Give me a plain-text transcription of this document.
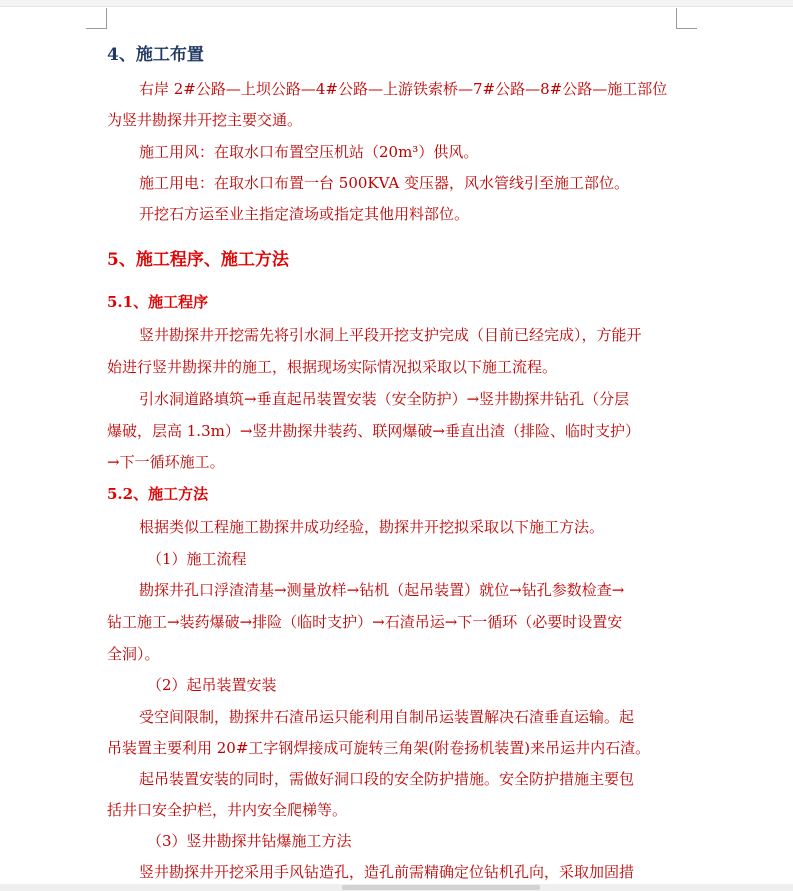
4、施工布置
右岸 2#公路—上坝公路—4#公路—上游铁索桥—7#公路—8#公路—施工部位
为竖井勘探井开挖主要交通。
施工用风：在取水口布置空压机站（20m³）供风。
施工用电：在取水口布置一台 500KVA 变压器，风水管线引至施工部位。
开挖石方运至业主指定渣场或指定其他用料部位。
5、施工程序、施工方法
5.1、施工程序
竖井勘探井开挖需先将引水洞上平段开挖支护完成（目前已经完成），方能开
始进行竖井勘探井的施工，根据现场实际情况拟采取以下施工流程。
引水洞道路填筑→垂直起吊装置安装（安全防护）→竖井勘探井钻孔（分层
爆破，层高 1.3m）→竖井勘探井装药、联网爆破→垂直出渣（排险、临时支护）
→下一循环施工。
5.2、施工方法
根据类似工程施工勘探井成功经验，勘探井开挖拟采取以下施工方法。
（1）施工流程
勘探井孔口浮渣清基→测量放样→钻机（起吊装置）就位→钻孔参数检查→
钻工施工→装药爆破→排险（临时支护）→石渣吊运→下一循环（必要时设置安
全洞）。
（2）起吊装置安装
受空间限制，勘探井石渣吊运只能利用自制吊运装置解决石渣垂直运输。起
吊装置主要利用 20#工字钢焊接成可旋转三角架(附卷扬机装置)来吊运井内石渣。
起吊装置安装的同时，需做好洞口段的安全防护措施。安全防护措施主要包
括井口安全护栏，井内安全爬梯等。
（3）竖井勘探井钻爆施工方法
竖井勘探井开挖采用手风钻造孔，造孔前需精确定位钻机孔向，采取加固措
